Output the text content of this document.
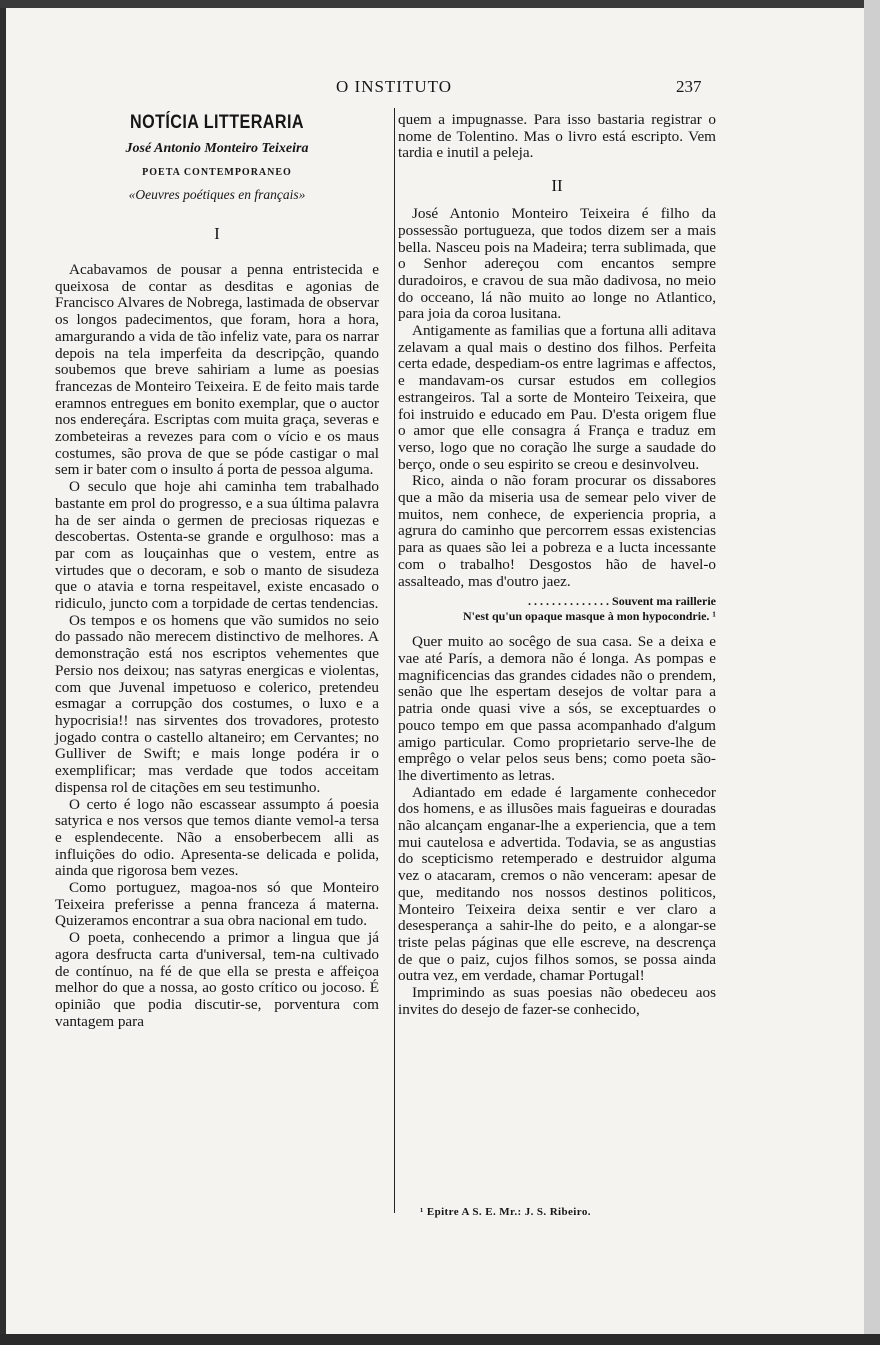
O INSTITUTO	237
NOTÍCIA LITTERARIA
José Antonio Monteiro Teixeira
POETA CONTEMPORANEO
«Oeuvres poétiques en français»
I

Acabavamos de pousar a penna entristecida e queixosa de contar as desditas e agonias de Francisco Alvares de Nobrega, lastimada de observar os longos padecimentos, que foram, hora a hora, amargurando a vida de tão infeliz vate, para os narrar depois na tela imperfeita da descripção, quando soubemos que breve sahiriam a lume as poesias francezas de Monteiro Teixeira. E de feito mais tarde eramnos entregues em bonito exemplar, que o auctor nos endereçára. Escriptas com muita graça, severas e zombeteiras a revezes para com o vício e os maus costumes, são prova de que se póde castigar o mal sem ir bater com o insulto á porta de pessoa alguma.

O seculo que hoje ahi caminha tem trabalhado bastante em prol do progresso, e a sua última palavra ha de ser ainda o germen de preciosas riquezas e descobertas. Ostenta-se grande e orgulhoso: mas a par com as louçainhas que o vestem, entre as virtudes que o decoram, e sob o manto de sisudeza que o atavia e torna respeitavel, existe encasado o ridiculo, juncto com a torpidade de certas tendencias.

Os tempos e os homens que vão sumidos no seio do passado não merecem distinctivo de melhores. A demonstração está nos escriptos vehementes que Persio nos deixou; nas satyras energicas e violentas, com que Juvenal impetuoso e colerico, pretendeu esmagar a corrupção dos costumes, o luxo e a hypocrisia!! nas sirventes dos trovadores, protesto jogado contra o castello altaneiro; em Cervantes; no Gulliver de Swift; e mais longe podéra ir o exemplificar; mas verdade que todos acceitam dispensa rol de citações em seu testimunho.

O certo é logo não escassear assumpto á poesia satyrica e nos versos que temos diante vemol-a tersa e esplendecente. Não a ensoberbecem alli as influições do odio. Apresenta-se delicada e polida, ainda que rigorosa bem vezes.

Como portuguez, magoa-nos só que Monteiro Teixeira preferisse a penna franceza á materna. Quizeramos encontrar a sua obra nacional em tudo.

O poeta, conhecendo a primor a lingua que já agora desfructa carta d'universal, tem-na cultivado de contínuo, na fé de que ella se presta e affeiçoa melhor do que a nossa, ao gosto crítico ou jocoso. É opinião que podia discutir-se, porventura com vantagem para

quem a impugnasse. Para isso bastaria registrar o nome de Tolentino. Mas o livro está escripto. Vem tardia e inutil a peleja.

II

José Antonio Monteiro Teixeira é filho da possessão portugueza, que todos dizem ser a mais bella. Nasceu pois na Madeira; terra sublimada, que o Senhor adereçou com encantos sempre duradoiros, e cravou de sua mão dadivosa, no meio do occeano, lá não muito ao longe no Atlantico, para joia da coroa lusitana.

Antigamente as familias que a fortuna alli aditava zelavam a qual mais o destino dos filhos. Perfeita certa edade, despediam-os entre lagrimas e affectos, e mandavam-os cursar estudos em collegios estrangeiros. Tal a sorte de Monteiro Teixeira, que foi instruido e educado em Pau. D'esta origem flue o amor que elle consagra á França e traduz em verso, logo que no coração lhe surge a saudade do berço, onde o seu espirito se creou e desinvolveu.

Rico, ainda o não foram procurar os dissabores que a mão da miseria usa de semear pelo viver de muitos, nem conhece, de experiencia propria, a agrura do caminho que percorrem essas existencias para as quaes são lei a pobreza e a lucta incessante com o trabalho! Desgostos hão de havel-o assalteado, mas d'outro jaez.

. . . . . . . . . . . . . . Souvent ma raillerie
N'est qu'un opaque masque à mon hypocondrie. ¹

Quer muito ao socêgo de sua casa. Se a deixa e vae até París, a demora não é longa. As pompas e magnificencias das grandes cidades não o prendem, senão que lhe espertam desejos de voltar para a patria onde quasi vive a sós, se exceptuardes o pouco tempo em que passa acompanhado d'algum amigo particular. Como proprietario serve-lhe de emprêgo o velar pelos seus bens; como poeta são-lhe divertimento as letras.

Adiantado em edade é largamente conhecedor dos homens, e as illusões mais fagueiras e douradas não alcançam enganar-lhe a experiencia, que a tem mui cautelosa e advertida. Todavia, se as angustias do scepticismo retemperado e destruidor alguma vez o atacaram, cremos o não venceram: apesar de que, meditando nos nossos destinos politicos, Monteiro Teixeira deixa sentir e ver claro a desesperança a sahir-lhe do peito, e a alongar-se triste pelas páginas que elle escreve, na descrença de que o paiz, cujos filhos somos, se possa ainda outra vez, em verdade, chamar Portugal!

Imprimindo as suas poesias não obedeceu aos invites do desejo de fazer-se conhecido,

¹ Epitre A S. E. Mr.: J. S. Ribeiro.
